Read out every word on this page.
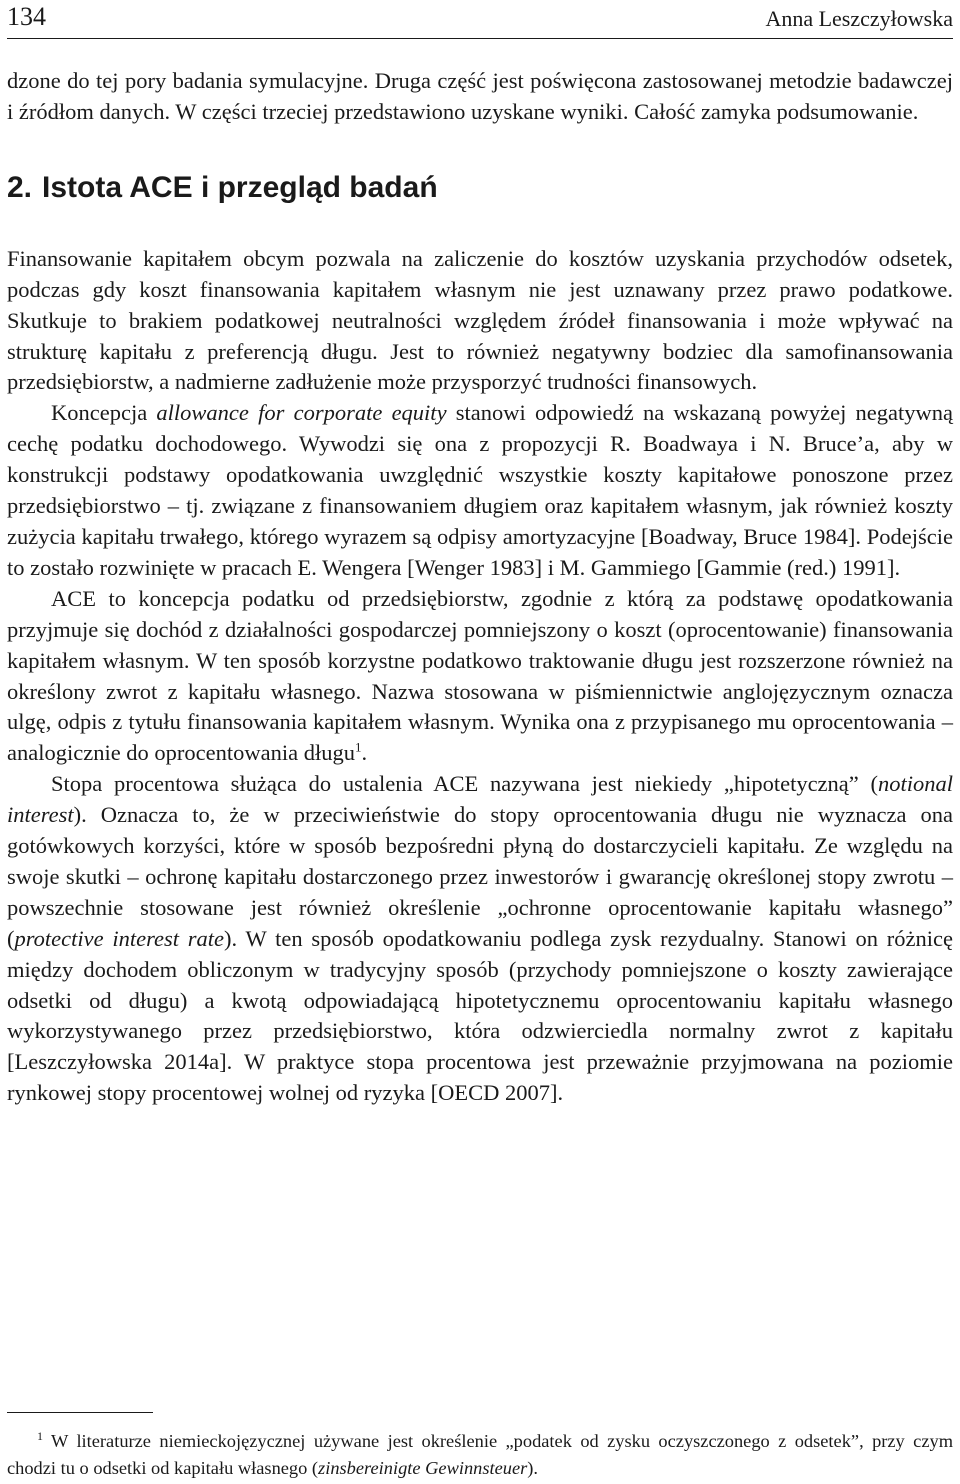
134	Anna Leszczyłowska

dzone do tej pory badania symulacyjne. Druga część jest poświęcona zastosowanej metodzie badawczej i źródłom danych. W części trzeciej przedstawiono uzyskane wyniki. Całość zamyka podsumowanie.

2. Istota ACE i przegląd badań

Finansowanie kapitałem obcym pozwala na zaliczenie do kosztów uzyskania przychodów odsetek, podczas gdy koszt finansowania kapitałem własnym nie jest uznawany przez prawo podatkowe. Skutkuje to brakiem podatkowej neutralności względem źródeł finansowania i może wpływać na strukturę kapitału z preferencją długu. Jest to również negatywny bodziec dla samofinansowania przedsiębiorstw, a nadmierne zadłużenie może przysporzyć trudności finansowych.

Koncepcja allowance for corporate equity stanowi odpowiedź na wskazaną powyżej negatywną cechę podatku dochodowego. Wywodzi się ona z propozycji R. Boadwaya i N. Bruce’a, aby w konstrukcji podstawy opodatkowania uwzględnić wszystkie koszty kapitałowe ponoszone przez przedsiębiorstwo – tj. związane z finansowaniem długiem oraz kapitałem własnym, jak również koszty zużycia kapitału trwałego, którego wyrazem są odpisy amortyzacyjne [Boadway, Bruce 1984]. Podejście to zostało rozwinięte w pracach E. Wengera [Wenger 1983] i M. Gammiego [Gammie (red.) 1991].

ACE to koncepcja podatku od przedsiębiorstw, zgodnie z którą za podstawę opodatkowania przyjmuje się dochód z działalności gospodarczej pomniejszony o koszt (oprocentowanie) finansowania kapitałem własnym. W ten sposób korzystne podatkowo traktowanie długu jest rozszerzone również na określony zwrot z kapitału własnego. Nazwa stosowana w piśmiennictwie anglojęzycznym oznacza ulgę, odpis z tytułu finansowania kapitałem własnym. Wynika ona z przypisanego mu oprocentowania – analogicznie do oprocentowania długu$^1$.

Stopa procentowa służąca do ustalenia ACE nazywana jest niekiedy „hipotetyczną” (notional interest). Oznacza to, że w przeciwieństwie do stopy oprocentowania długu nie wyznacza ona gotówkowych korzyści, które w sposób bezpośredni płyną do dostarczycieli kapitału. Ze względu na swoje skutki – ochronę kapitału dostarczonego przez inwestorów i gwarancję określonej stopy zwrotu – powszechnie stosowane jest również określenie „ochronne oprocentowanie kapitału własnego” (protective interest rate). W ten sposób opodatkowaniu podlega zysk rezydualny. Stanowi on różnicę między dochodem obliczonym w tradycyjny sposób (przychody pomniejszone o koszty zawierające odsetki od długu) a kwotą odpowiadającą hipotetycznemu oprocentowaniu kapitału własnego wykorzystywanego przez przedsiębiorstwo, która odzwierciedla normalny zwrot z kapitału [Leszczyłowska 2014a]. W praktyce stopa procentowa jest przeważnie przyjmowana na poziomie rynkowej stopy procentowej wolnej od ryzyka [OECD 2007].

$^1$ W literaturze niemieckojęzycznej używane jest określenie „podatek od zysku oczyszczonego z odsetek”, przy czym chodzi tu o odsetki od kapitału własnego (zinsbereinigte Gewinnsteuer).
